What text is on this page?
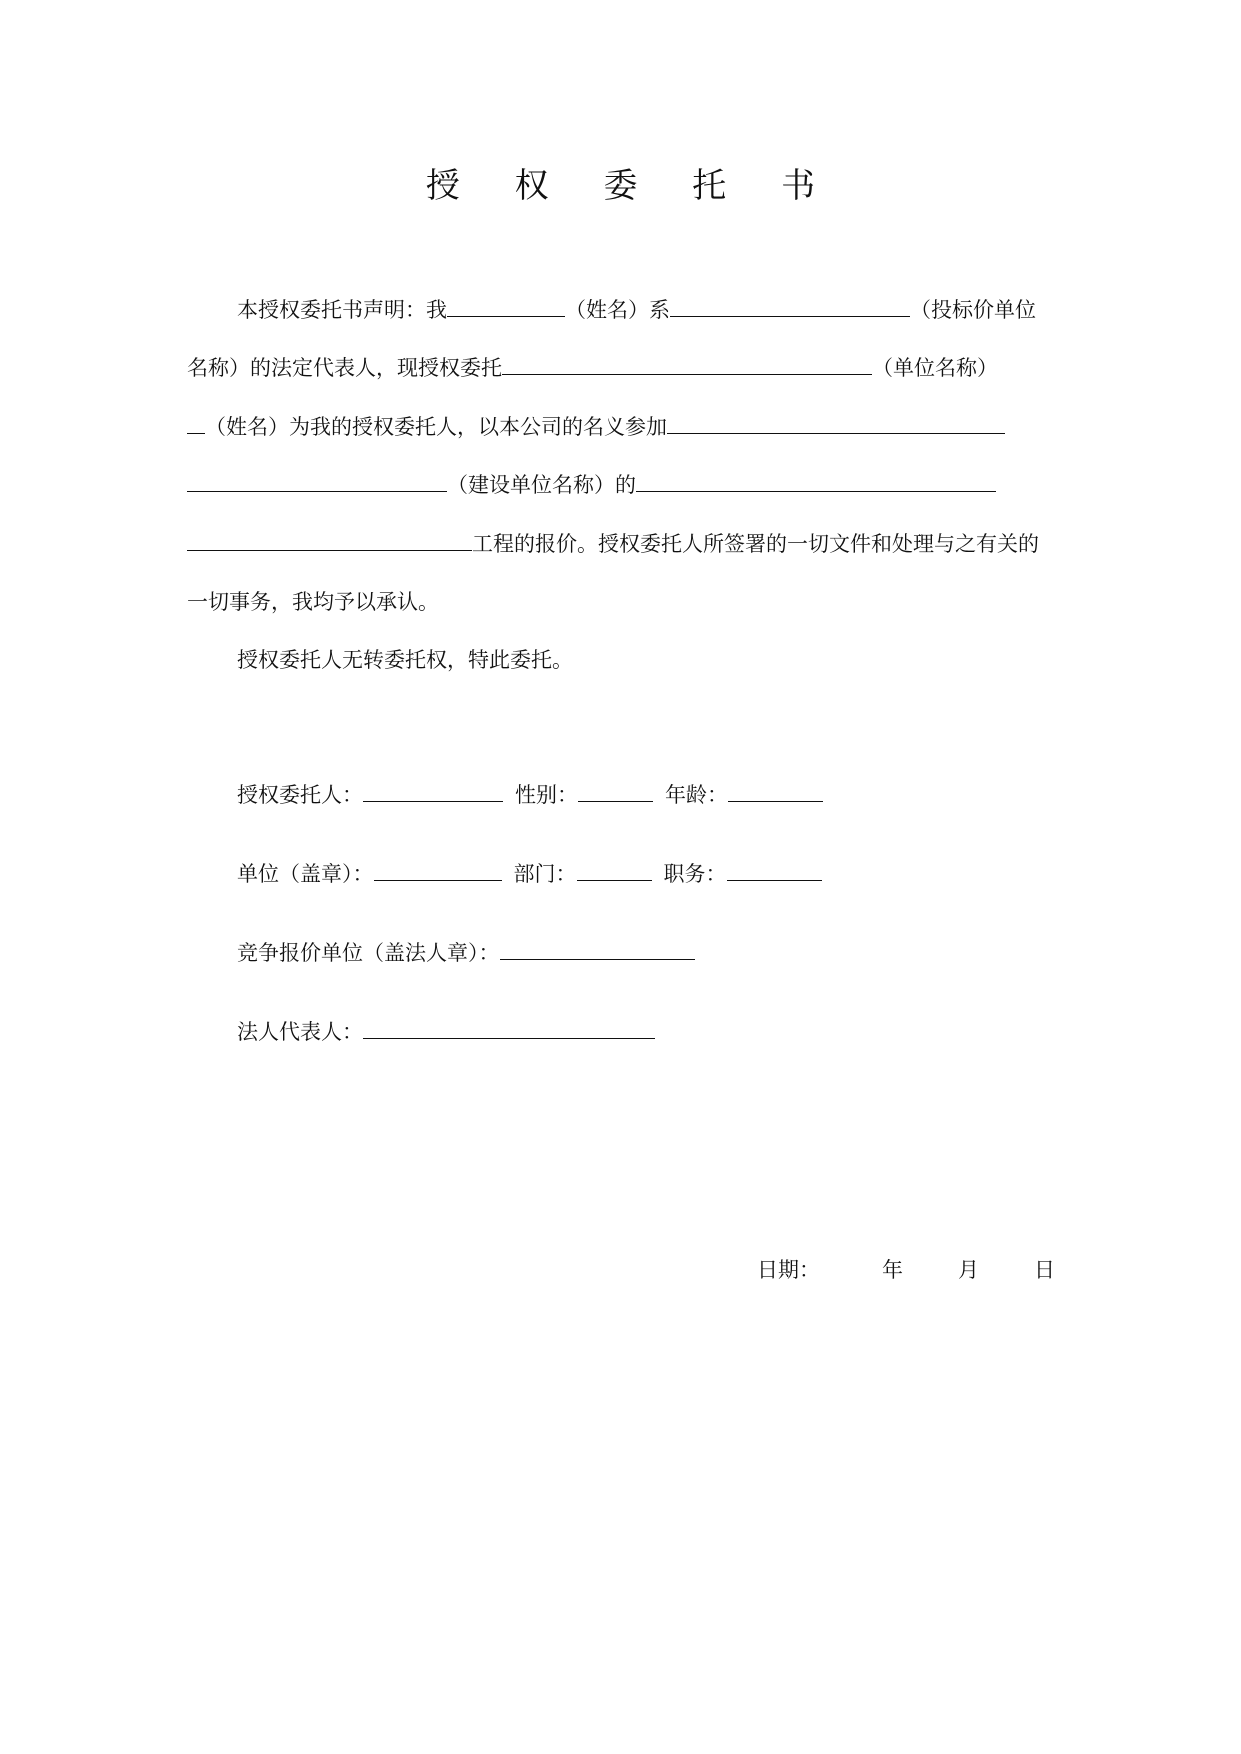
授 权 委 托 书
本授权委托书声明：我	（姓名）系	（投标价单位
名称）的法定代表人，现授权委托	（单位名称）
（姓名）为我的授权委托人，以本公司的名义参加
（建设单位名称）的
工程的报价。授权委托人所签署的一切文件和处理与之有关的
一切事务，我均予以承认。
授权委托人无转委托权，特此委托。
授权委托人：	性别：	年龄：
单位（盖章）：	部门：	职务：
竞争报价单位（盖法人章）：
法人代表人：
日期：	年	月	日
